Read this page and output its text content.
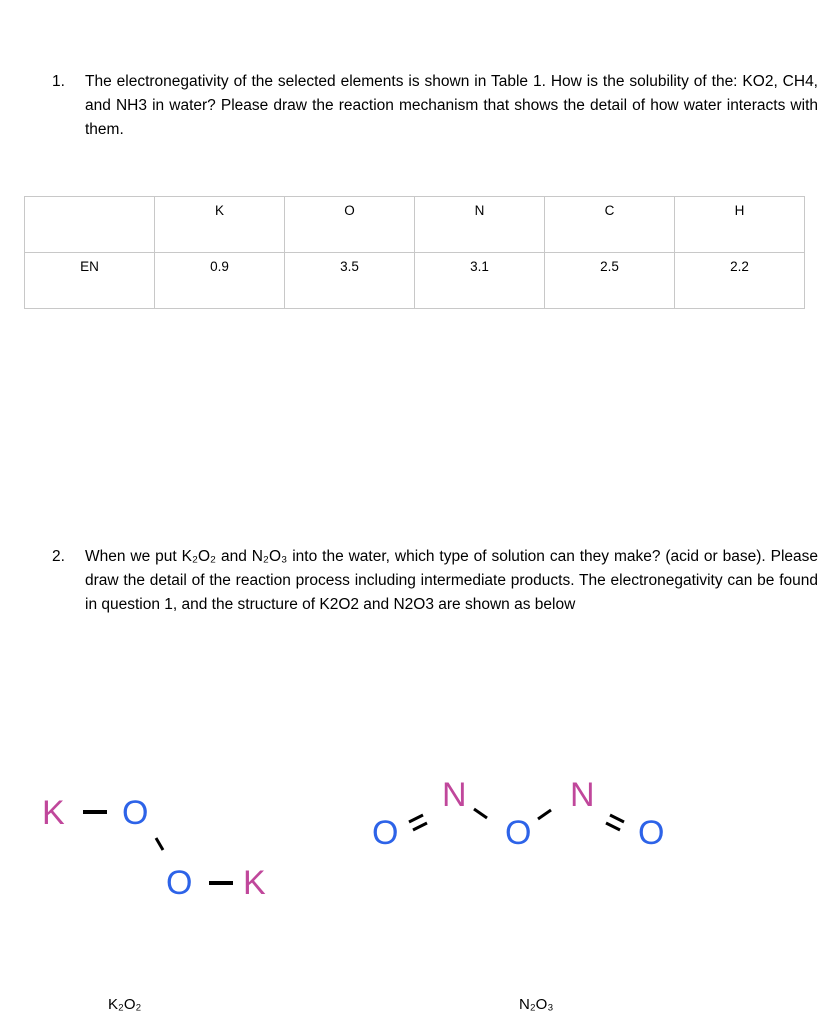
1. The electronegativity of the selected elements is shown in Table 1. How is the solubility of the: KO2, CH4, and NH3 in water? Please draw the reaction mechanism that shows the detail of how water interacts with them.
	K	O	N	C	H
EN	0.9	3.5	3.1	2.5	2.2
2. When we put K₂O₂ and N₂O₃ into the water, which type of solution can they make? (acid or base). Please draw the detail of the reaction process including intermediate products. The electronegativity can be found in question 1, and the structure of K2O2 and N2O3 are shown as below
K O
O K
O
N
O
N
O
K₂O₂	N₂O₃
